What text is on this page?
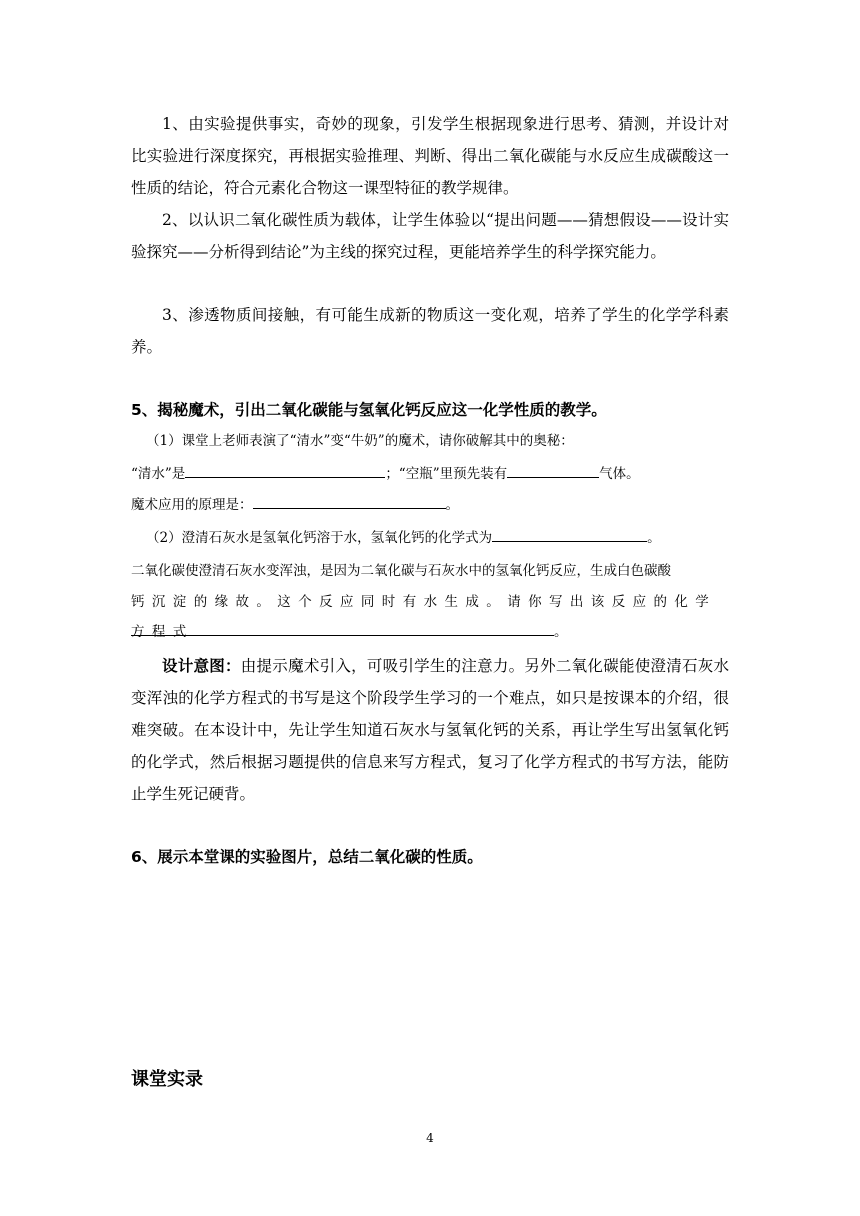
1、由实验提供事实，奇妙的现象，引发学生根据现象进行思考、猜测，并设计对比实验进行深度探究，再根据实验推理、判断、得出二氧化碳能与水反应生成碳酸这一性质的结论，符合元素化合物这一课型特征的教学规律。
2、以认识二氧化碳性质为载体，让学生体验以“提出问题——猜想假设——设计实验探究——分析得到结论”为主线的探究过程，更能培养学生的科学探究能力。
3、渗透物质间接触，有可能生成新的物质这一变化观，培养了学生的化学学科素养。
5、揭秘魔术，引出二氧化碳能与氢氧化钙反应这一化学性质的教学。
（1）课堂上老师表演了“清水”变“牛奶”的魔术，请你破解其中的奥秘：
“清水”是	；“空瓶”里预先装有	气体。
魔术应用的原理是：	。
（2）澄清石灰水是氢氧化钙溶于水，氢氧化钙的化学式为	。
二氧化碳使澄清石灰水变浑浊，是因为二氧化碳与石灰水中的氢氧化钙反应，生成白色碳酸
钙沉淀的缘故。这个反应同时有水生成。请你写出该反应的化学方程式	。
设计意图：由提示魔术引入，可吸引学生的注意力。另外二氧化碳能使澄清石灰水变浑浊的化学方程式的书写是这个阶段学生学习的一个难点，如只是按课本的介绍，很难突破。在本设计中，先让学生知道石灰水与氢氧化钙的关系，再让学生写出氢氧化钙的化学式，然后根据习题提供的信息来写方程式，复习了化学方程式的书写方法，能防止学生死记硬背。
6、展示本堂课的实验图片，总结二氧化碳的性质。
课堂实录
4
